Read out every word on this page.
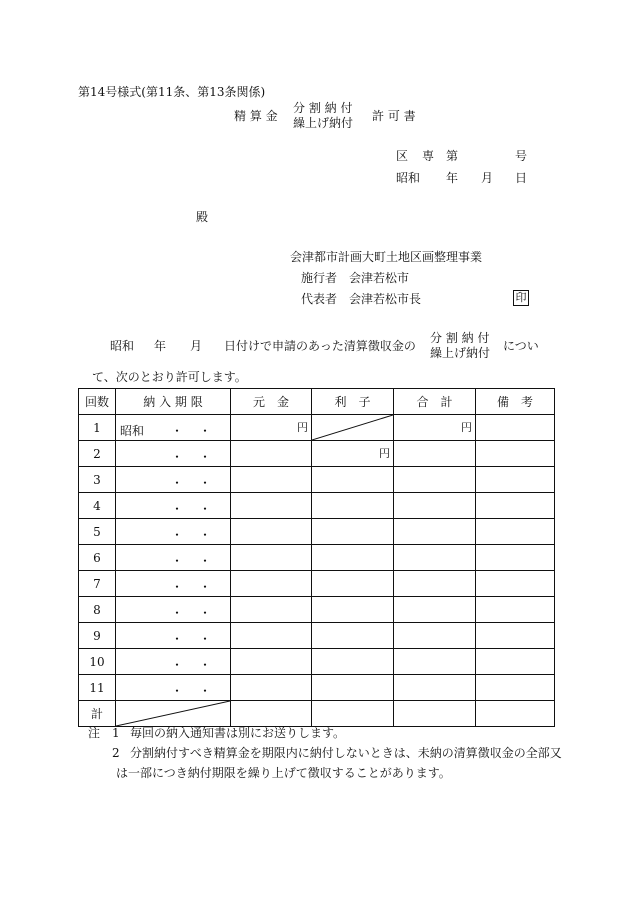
第14号様式(第11条、第13条関係)
精 算 金
分 割 納 付
繰上げ納付 許 可 書
区 専 第	号
昭和 年 月 日
殿
会津都市計画大町土地区画整理事業
施行者 会津若松市
代表者 会津若松市長	印
昭和 年 月 日付けで申請のあった清算徴収金の
分 割 納 付
繰上げ納付 につい
て、次のとおり許可します。
回数	納 入 期 限	元　金	利　子	合　計	備　考
1	昭和 ・ ・	円		円	

2	・ ・		円		

3	・ ・				

4	・ ・				

5	・ ・				

6	・ ・				

7	・ ・				

8	・ ・				

9	・ ・				

10	・ ・				

11	・ ・				

計	

注 1 毎回の納入通知書は別にお送りします。
2 分割納付すべき精算金を期限内に納付しないときは、未納の清算徴収金の全部又
は一部につき納付期限を繰り上げて徴収することがあります。
